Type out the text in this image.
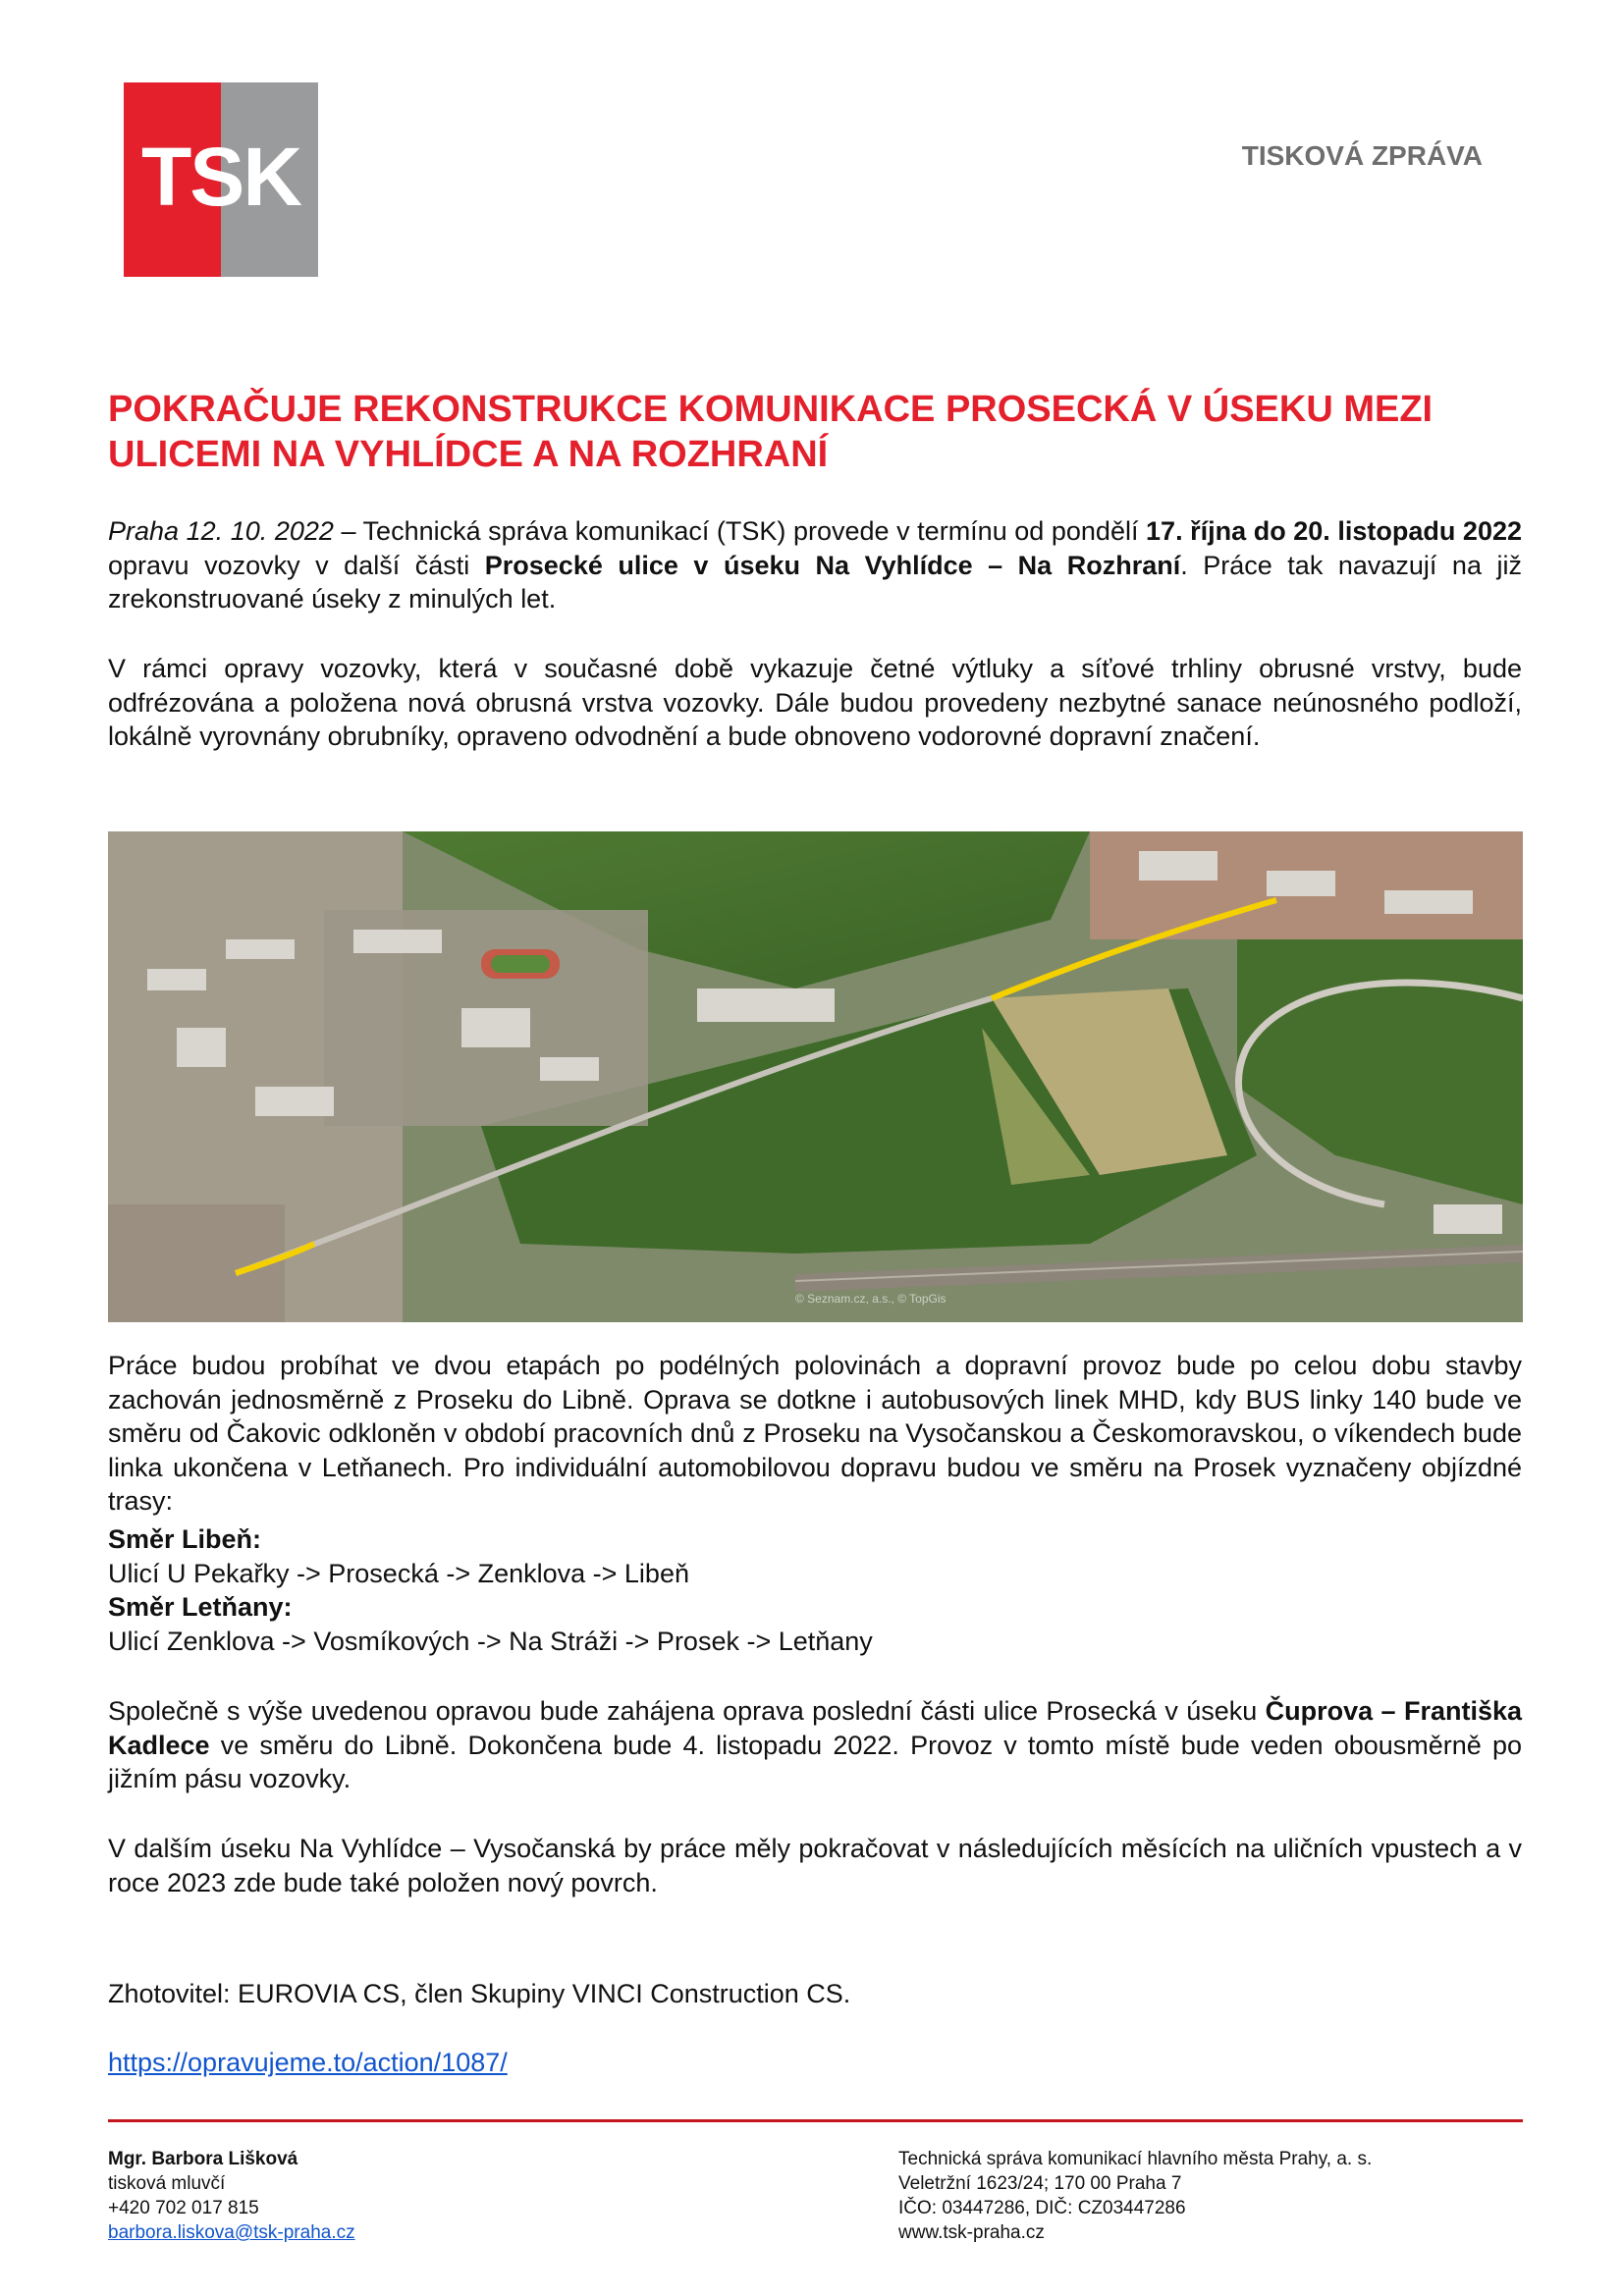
TSK	TISKOVÁ ZPRÁVA
POKRAČUJE REKONSTRUKCE KOMUNIKACE PROSECKÁ V ÚSEKU MEZI
ULICEMI NA VYHLÍDCE A NA ROZHRANÍ

Praha 12. 10. 2022 – Technická správa komunikací (TSK) provede v termínu od pondělí 17. října do 20. listopadu 2022 opravu vozovky v další části Prosecké ulice v úseku Na Vyhlídce – Na Rozhraní. Práce tak navazují na již zrekonstruované úseky z minulých let.

V rámci opravy vozovky, která v současné době vykazuje četné výtluky a síťové trhliny obrusné vrstvy, bude odfrézována a položena nová obrusná vrstva vozovky. Dále budou provedeny nezbytné sanace neúnosného podloží, lokálně vyrovnány obrubníky, opraveno odvodnění a bude obnoveno vodorovné dopravní značení.

© Seznam.cz, a.s., © TopGis

Práce budou probíhat ve dvou etapách po podélných polovinách a dopravní provoz bude po celou dobu stavby zachován jednosměrně z Proseku do Libně. Oprava se dotkne i autobusových linek MHD, kdy BUS linky 140 bude ve směru od Čakovic odkloněn v období pracovních dnů z Proseku na Vysočanskou a Českomoravskou, o víkendech bude linka ukončena v Letňanech. Pro individuální automobilovou dopravu budou ve směru na Prosek vyznačeny objízdné trasy:

Směr Libeň:
Ulicí U Pekařky -> Prosecká -> Zenklova -> Libeň
Směr Letňany:
Ulicí Zenklova -> Vosmíkových -> Na Stráži -> Prosek -> Letňany

Společně s výše uvedenou opravou bude zahájena oprava poslední části ulice Prosecká v úseku Čuprova – Františka Kadlece ve směru do Libně. Dokončena bude 4. listopadu 2022. Provoz v tomto místě bude veden obousměrně po jižním pásu vozovky.

V dalším úseku Na Vyhlídce – Vysočanská by práce měly pokračovat v následujících měsících na uličních vpustech a v roce 2023 zde bude také položen nový povrch.

Zhotovitel: EUROVIA CS, člen Skupiny VINCI Construction CS.
https://opravujeme.to/action/1087/
Mgr. Barbora Lišková
tisková mluvčí
+420 702 017 815
barbora.liskova@tsk-praha.cz
Technická správa komunikací hlavního města Prahy, a. s.
Veletržní 1623/24; 170 00 Praha 7
IČO: 03447286, DIČ: CZ03447286
www.tsk-praha.cz
